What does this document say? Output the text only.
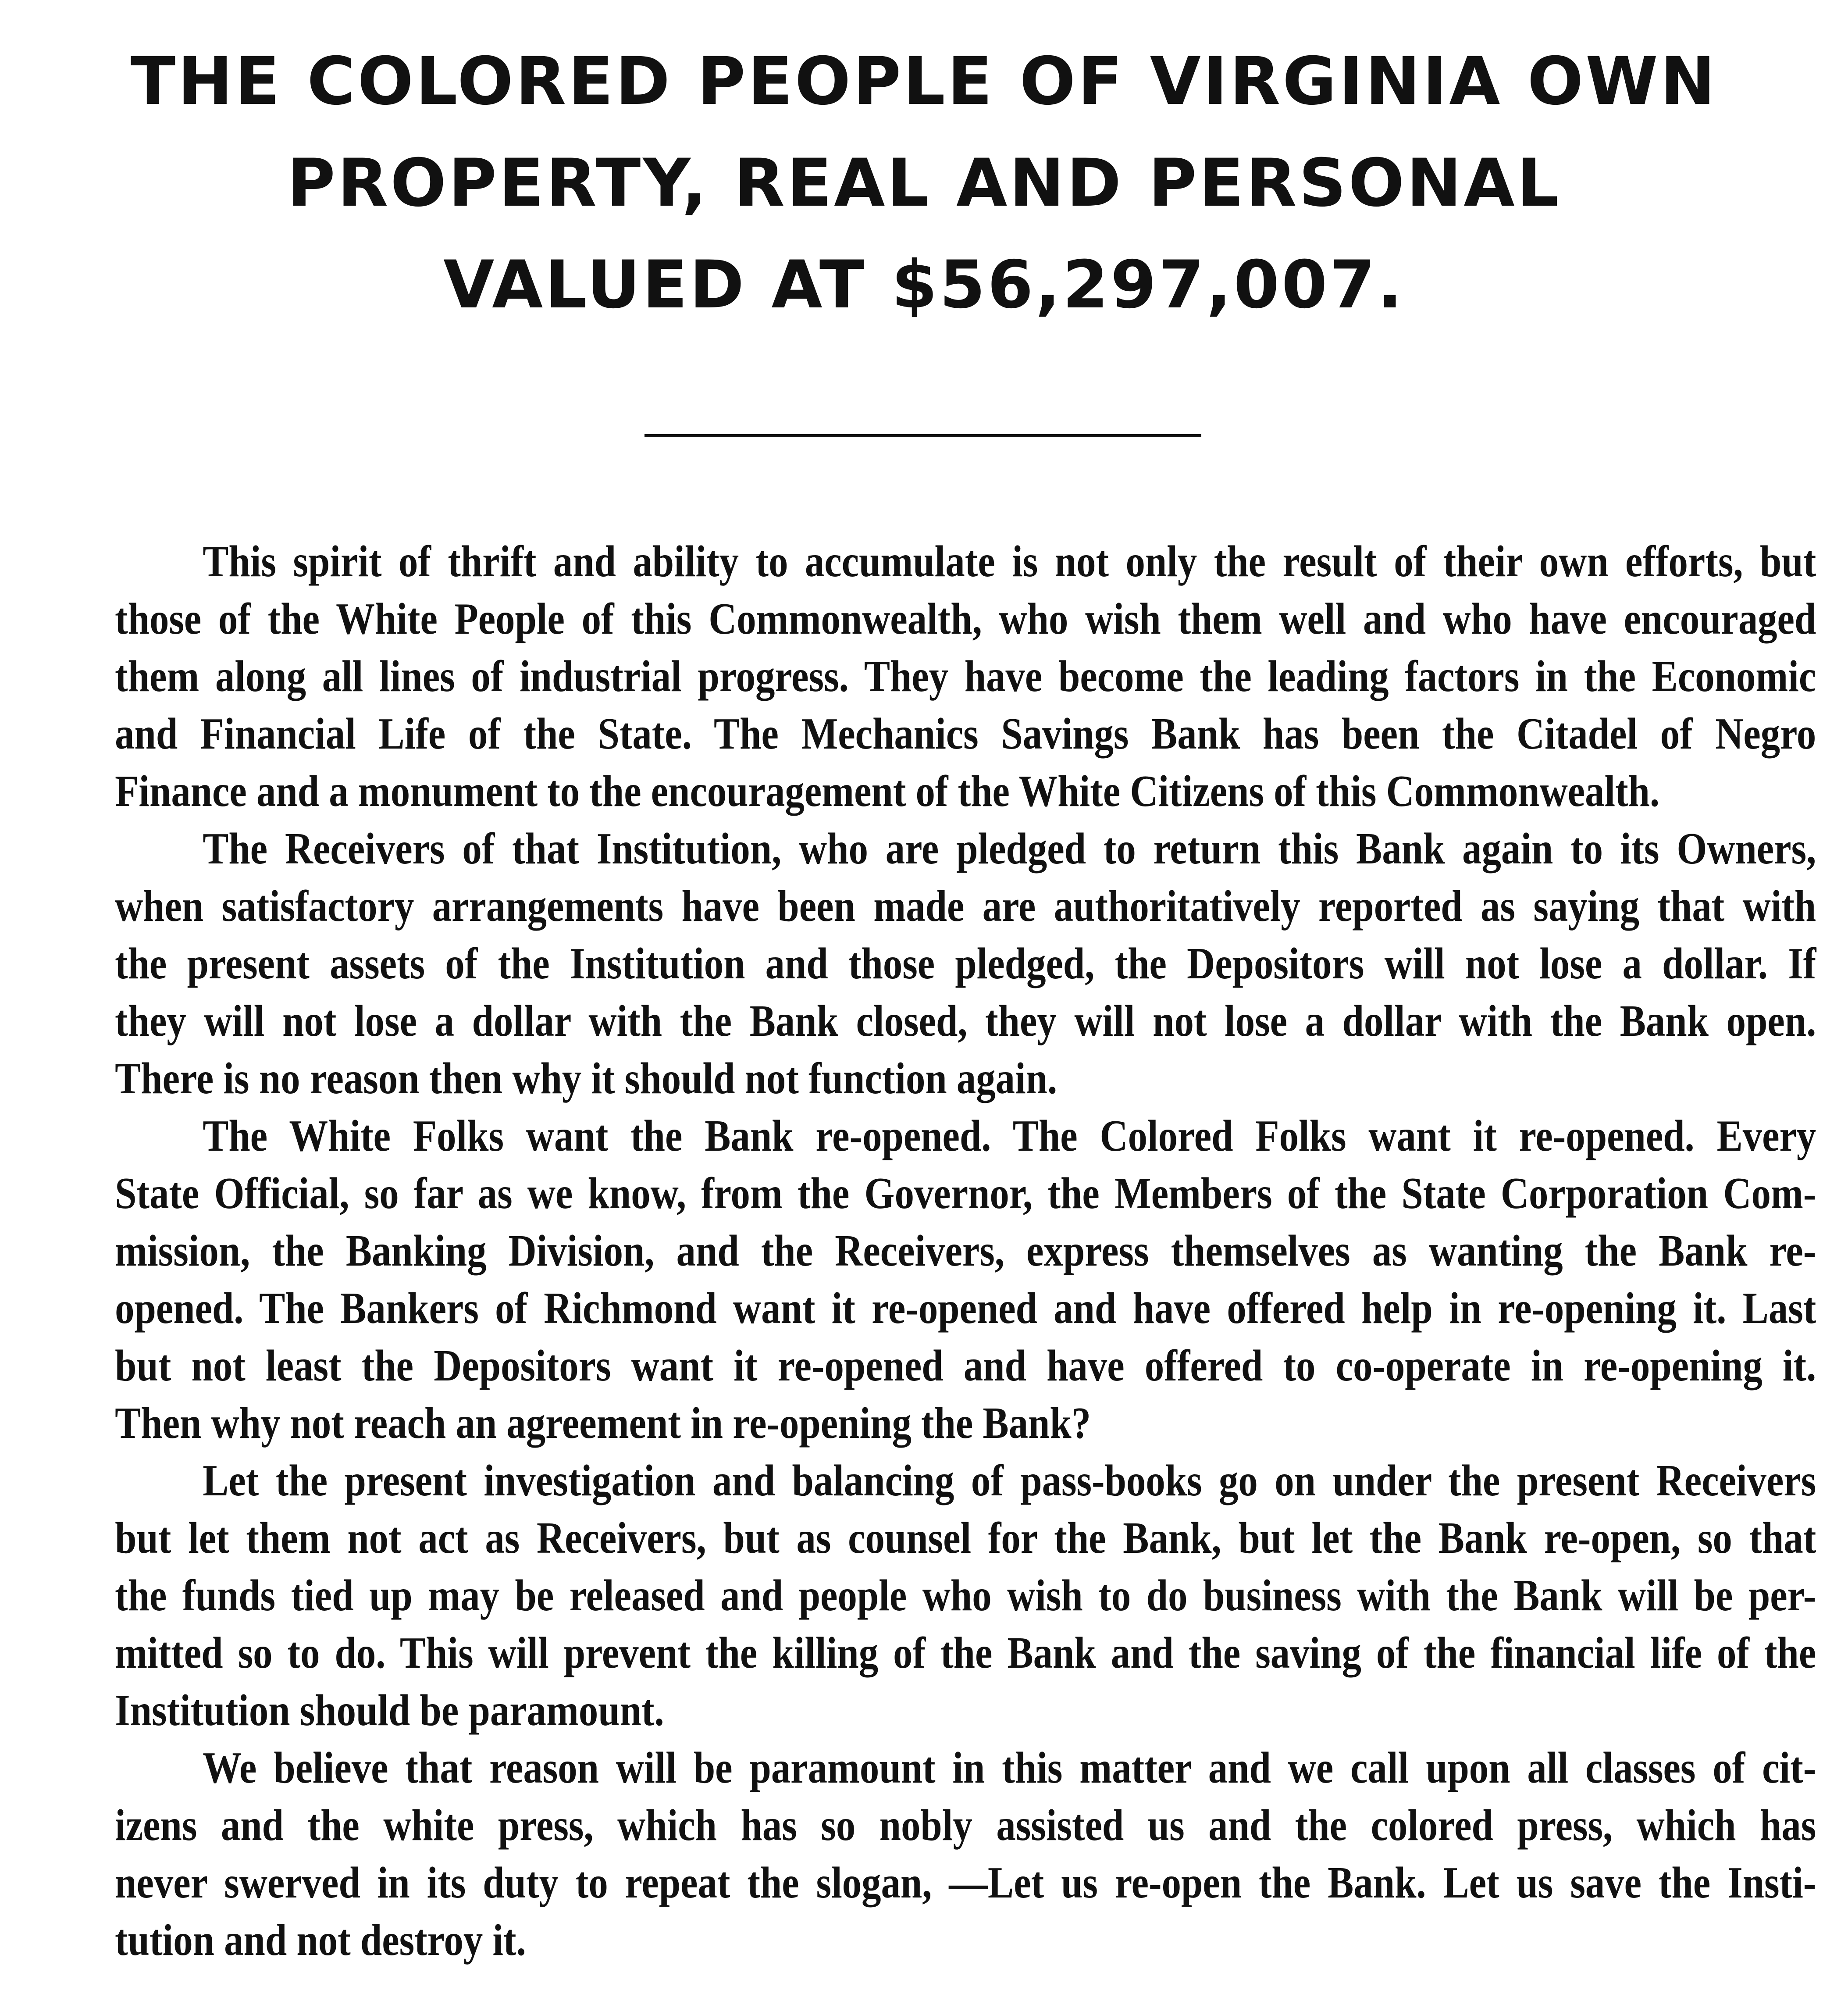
THE COLORED PEOPLE OF VIRGINIA OWN
PROPERTY, REAL AND PERSONAL
VALUED AT $56,297,007.
This spirit of thrift and ability to accumulate is not only the result of their own efforts, but
those of the White People of this Commonwealth, who wish them well and who have encouraged
them along all lines of industrial progress. They have become the leading factors in the Economic
and Financial Life of the State. The Mechanics Savings Bank has been the Citadel of Negro
Finance and a monument to the encouragement of the White Citizens of this Commonwealth.
The Receivers of that Institution, who are pledged to return this Bank again to its Owners,
when satisfactory arrangements have been made are authoritatively reported as saying that with
the present assets of the Institution and those pledged, the Depositors will not lose a dollar. If
they will not lose a dollar with the Bank closed, they will not lose a dollar with the Bank open.
There is no reason then why it should not function again.
The White Folks want the Bank re-opened. The Colored Folks want it re-opened. Every
State Official, so far as we know, from the Governor, the Members of the State Corporation Com-
mission, the Banking Division, and the Receivers, express themselves as wanting the Bank re-
opened. The Bankers of Richmond want it re-opened and have offered help in re-opening it. Last
but not least the Depositors want it re-opened and have offered to co-operate in re-opening it.
Then why not reach an agreement in re-opening the Bank?
Let the present investigation and balancing of pass-books go on under the present Receivers
but let them not act as Receivers, but as counsel for the Bank, but let the Bank re-open, so that
the funds tied up may be released and people who wish to do business with the Bank will be per-
mitted so to do. This will prevent the killing of the Bank and the saving of the financial life of the
Institution should be paramount.
We believe that reason will be paramount in this matter and we call upon all classes of cit-
izens and the white press, which has so nobly assisted us and the colored press, which has
never swerved in its duty to repeat the slogan, —Let us re-open the Bank. Let us save the Insti-
tution and not destroy it.
